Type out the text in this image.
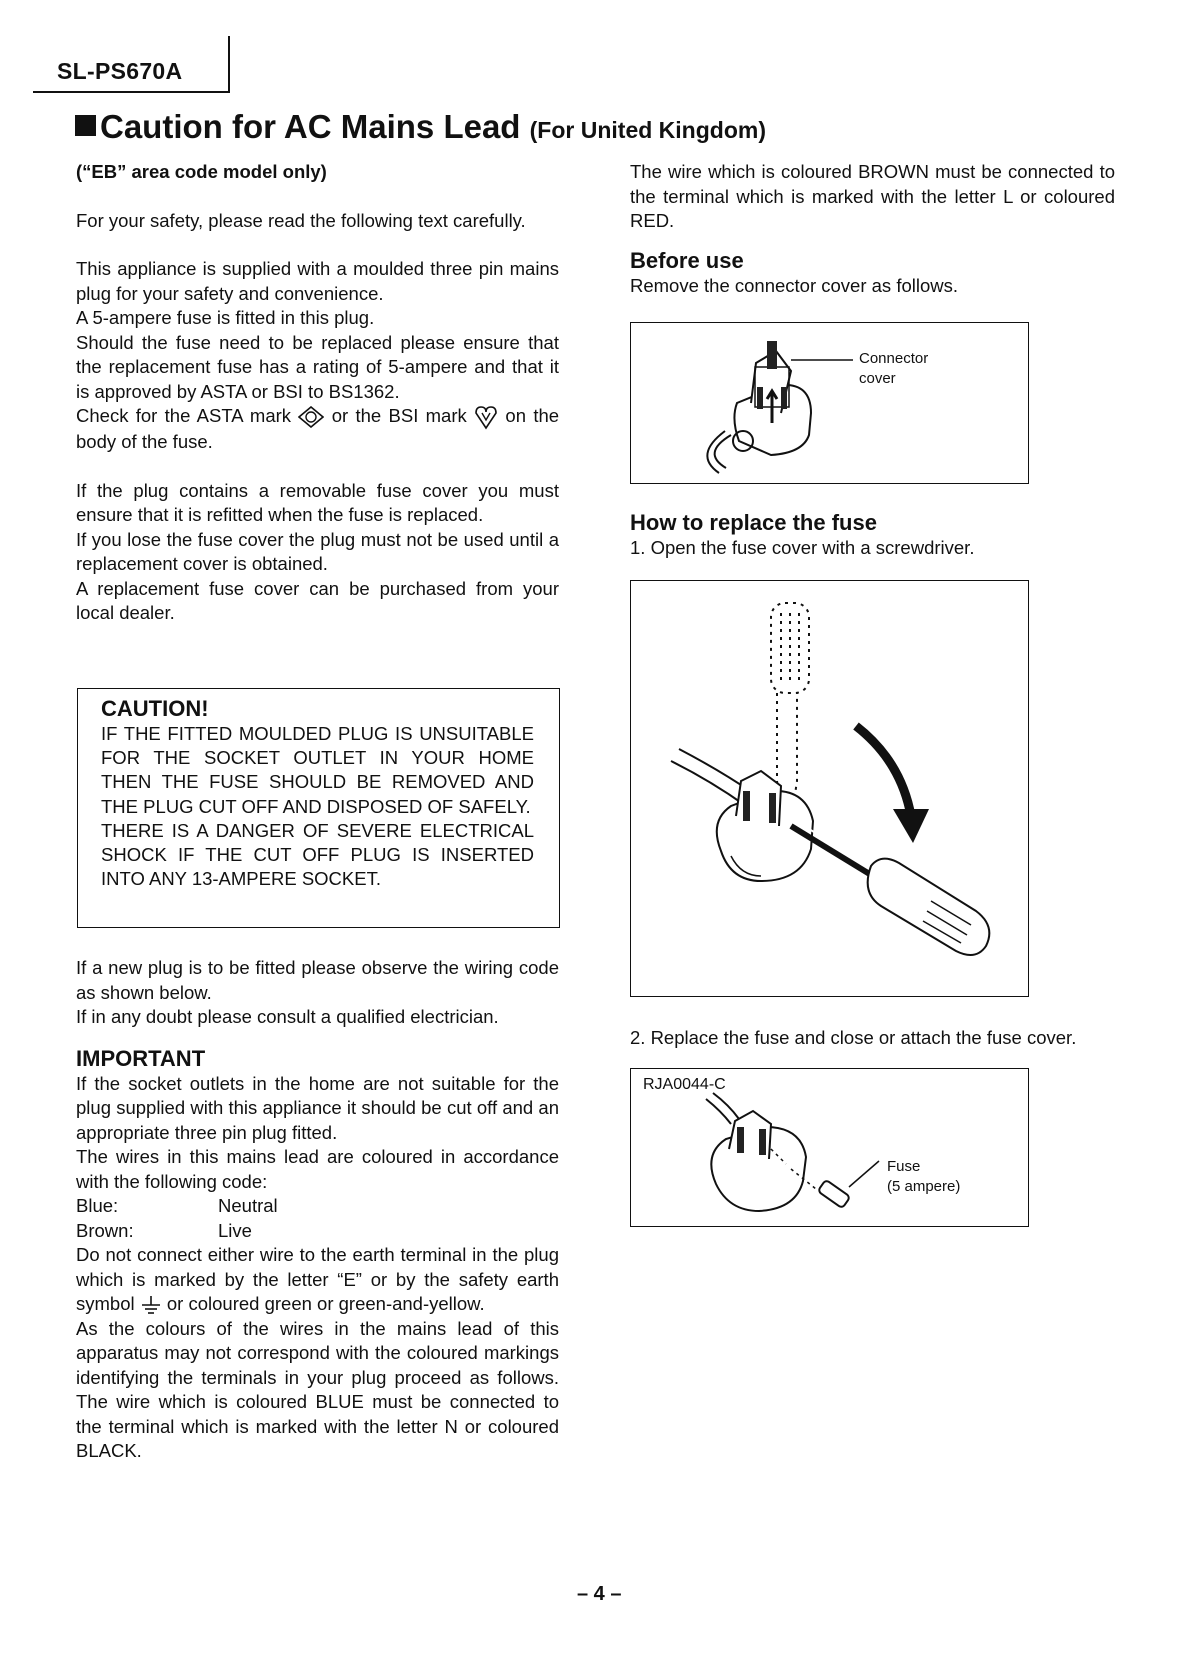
SL-PS670A
Caution for AC Mains Lead (For United Kingdom)

(“EB” area code model only)

For your safety, please read the following text carefully.

This appliance is supplied with a moulded three pin mains plug for your safety and convenience.

A 5-ampere fuse is fitted in this plug.

Should the fuse need to be replaced please ensure that the replacement fuse has a rating of 5-ampere and that it is approved by ASTA or BSI to BS1362.

Check for the ASTA mark or the BSI mark on the body of the fuse.

If the plug contains a removable fuse cover you must ensure that it is refitted when the fuse is replaced.

If you lose the fuse cover the plug must not be used until a replacement cover is obtained.

A replacement fuse cover can be purchased from your local dealer.

CAUTION!
IF THE FITTED MOULDED PLUG IS UNSUITABLE FOR THE SOCKET OUTLET IN YOUR HOME THEN THE FUSE SHOULD BE REMOVED AND THE PLUG CUT OFF AND DISPOSED OF SAFELY.
THERE IS A DANGER OF SEVERE ELECTRICAL SHOCK IF THE CUT OFF PLUG IS INSERTED INTO ANY 13-AMPERE SOCKET.

If a new plug is to be fitted please observe the wiring code as shown below.

If in any doubt please consult a qualified electrician.

IMPORTANT

If the socket outlets in the home are not suitable for the plug supplied with this appliance it should be cut off and an appropriate three pin plug fitted.

The wires in this mains lead are coloured in accordance with the following code:

Blue:	Neutral

Brown:	Live

Do not connect either wire to the earth terminal in the plug which is marked by the letter “E” or by the safety earth symbol or coloured green or green-and-yellow.

As the colours of the wires in the mains lead of this apparatus may not correspond with the coloured markings identifying the terminals in your plug proceed as follows. The wire which is coloured BLUE must be connected to the terminal which is marked with the letter N or coloured BLACK.

The wire which is coloured BROWN must be connected to the terminal which is marked with the letter L or coloured RED.

Before use

Remove the connector cover as follows.

Connector
cover
How to replace the fuse

1. Open the fuse cover with a screwdriver.

2. Replace the fuse and close or attach the fuse cover.

RJA0044-C
Fuse
(5 ampere)
– 4 –
